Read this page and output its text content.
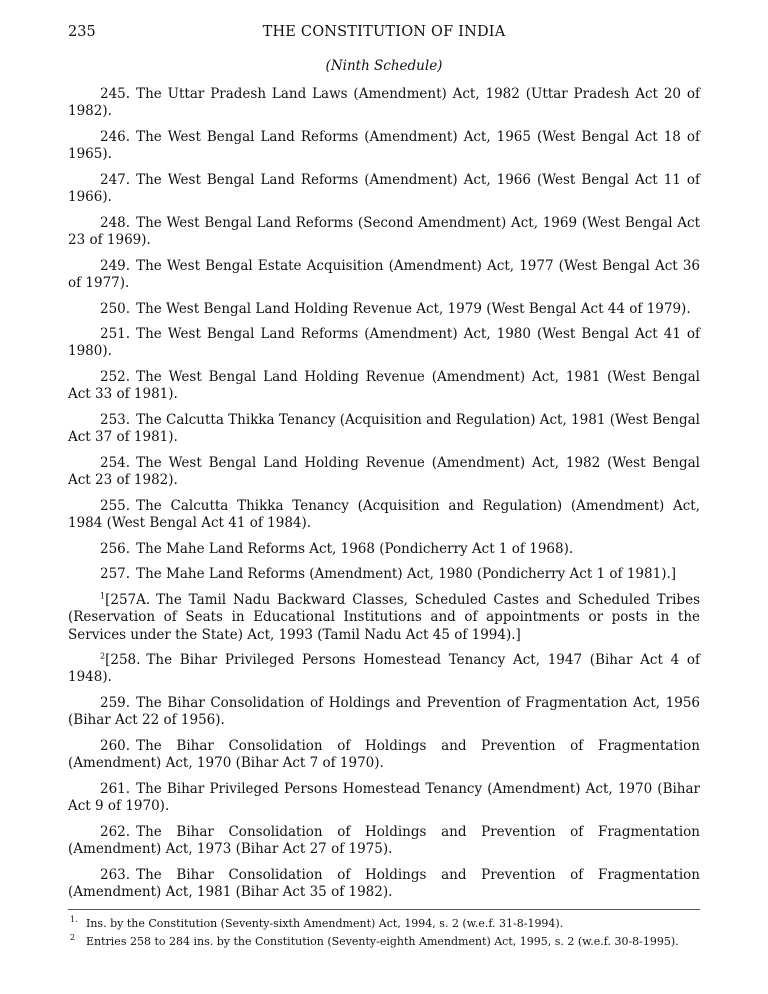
235	THE CONSTITUTION OF INDIA
(Ninth Schedule)

245. The Uttar Pradesh Land Laws (Amendment) Act, 1982 (Uttar Pradesh Act 20 of 1982).

246. The West Bengal Land Reforms (Amendment) Act, 1965 (West Bengal Act 18 of 1965).

247. The West Bengal Land Reforms (Amendment) Act, 1966 (West Bengal Act 11 of 1966).

248. The West Bengal Land Reforms (Second Amendment) Act, 1969 (West Bengal Act 23 of 1969).

249. The West Bengal Estate Acquisition (Amendment) Act, 1977 (West Bengal Act 36 of 1977).

250. The West Bengal Land Holding Revenue Act, 1979 (West Bengal Act 44 of 1979).

251. The West Bengal Land Reforms (Amendment) Act, 1980 (West Bengal Act 41 of 1980).

252. The West Bengal Land Holding Revenue (Amendment) Act, 1981 (West Bengal Act 33 of 1981).

253. The Calcutta Thikka Tenancy (Acquisition and Regulation) Act, 1981 (West Bengal Act 37 of 1981).

254. The West Bengal Land Holding Revenue (Amendment) Act, 1982 (West Bengal Act 23 of 1982).

255. The Calcutta Thikka Tenancy (Acquisition and Regulation) (Amendment) Act, 1984 (West Bengal Act 41 of 1984).

256. The Mahe Land Reforms Act, 1968 (Pondicherry Act 1 of 1968).

257. The Mahe Land Reforms (Amendment) Act, 1980 (Pondicherry Act 1 of 1981).]

$^1$[257A. The Tamil Nadu Backward Classes, Scheduled Castes and Scheduled Tribes (Reservation of Seats in Educational Institutions and of appointments or posts in the Services under the State) Act, 1993 (Tamil Nadu Act 45 of 1994).]

$^2$[258. The Bihar Privileged Persons Homestead Tenancy Act, 1947 (Bihar Act 4 of 1948).

259. The Bihar Consolidation of Holdings and Prevention of Fragmentation Act, 1956 (Bihar Act 22 of 1956).

260. The Bihar Consolidation of Holdings and Prevention of Fragmentation (Amendment) Act, 1970 (Bihar Act 7 of 1970).

261. The Bihar Privileged Persons Homestead Tenancy (Amendment) Act, 1970 (Bihar Act 9 of 1970).

262. The Bihar Consolidation of Holdings and Prevention of Fragmentation (Amendment) Act, 1973 (Bihar Act 27 of 1975).

263. The Bihar Consolidation of Holdings and Prevention of Fragmentation (Amendment) Act, 1981 (Bihar Act 35 of 1982).

1. Ins. by the Constitution (Seventy-sixth Amendment) Act, 1994, s. 2 (w.e.f. 31-8-1994).
2 Entries 258 to 284 ins. by the Constitution (Seventy-eighth Amendment) Act, 1995, s. 2 (w.e.f. 30-8-1995).
